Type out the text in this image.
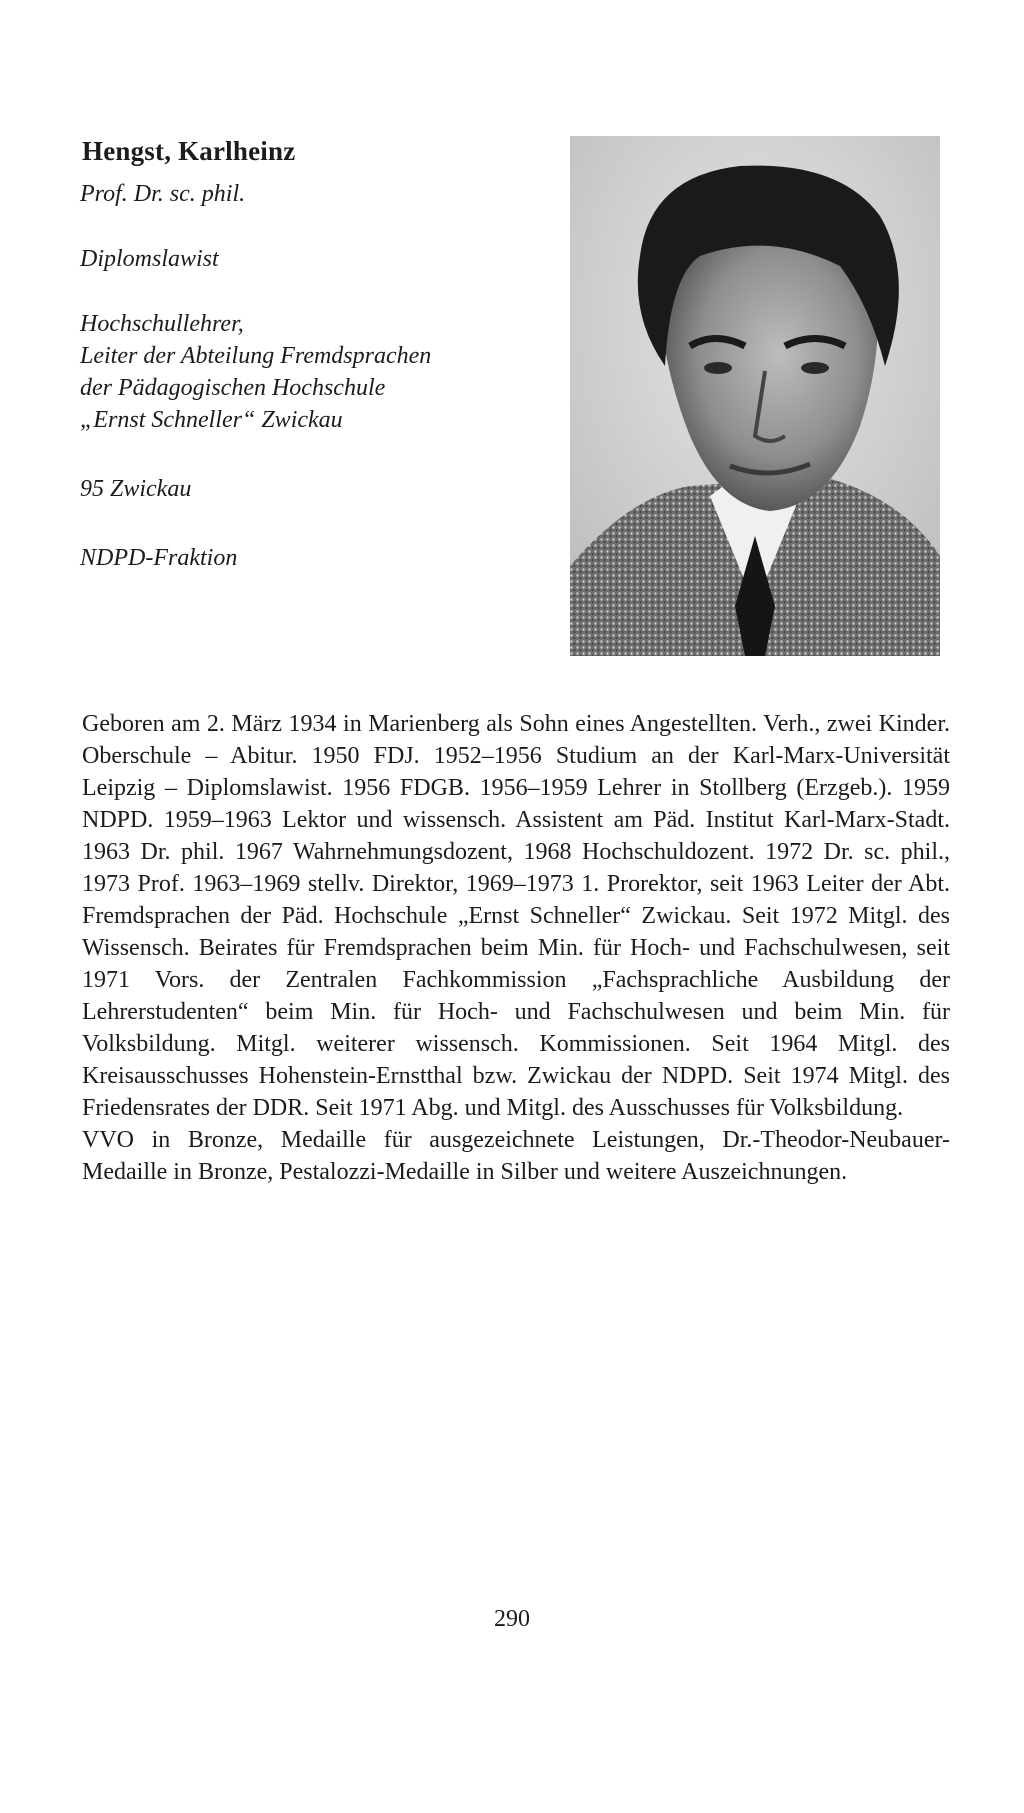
Hengst, Karlheinz
Prof. Dr. sc. phil.
Diplomslawist
Hochschullehrer,
Leiter der Abteilung Fremdsprachen
der Pädagogischen Hochschule
„Ernst Schneller“ Zwickau
95 Zwickau
NDPD-Fraktion

Geboren am 2. März 1934 in Marienberg als Sohn eines Angestellten. Verh., zwei Kinder. Oberschule – Abitur. 1950 FDJ. 1952–1956 Studium an der Karl-Marx-Universität Leipzig – Diplomslawist. 1956 FDGB. 1956–1959 Lehrer in Stollberg (Erzgeb.). 1959 NDPD. 1959–1963 Lektor und wissensch. Assistent am Päd. Institut Karl-Marx-Stadt. 1963 Dr. phil. 1967 Wahrnehmungsdozent, 1968 Hochschuldozent. 1972 Dr. sc. phil., 1973 Prof. 1963–1969 stellv. Direktor, 1969–1973 1. Prorektor, seit 1963 Leiter der Abt. Fremdsprachen der Päd. Hochschule „Ernst Schneller“ Zwickau. Seit 1972 Mitgl. des Wissensch. Beirates für Fremdsprachen beim Min. für Hoch- und Fachschulwesen, seit 1971 Vors. der Zentralen Fachkommission „Fachsprachliche Ausbildung der Lehrerstudenten“ beim Min. für Hoch- und Fachschulwesen und beim Min. für Volksbildung. Mitgl. weiterer wissensch. Kommissionen. Seit 1964 Mitgl. des Kreisausschusses Hohenstein-Ernstthal bzw. Zwickau der NDPD. Seit 1974 Mitgl. des Friedensrates der DDR. Seit 1971 Abg. und Mitgl. des Ausschusses für Volksbildung.

VVO in Bronze, Medaille für ausgezeichnete Leistungen, Dr.-Theodor-Neubauer-Medaille in Bronze, Pestalozzi-Medaille in Silber und weitere Auszeichnungen.

290
